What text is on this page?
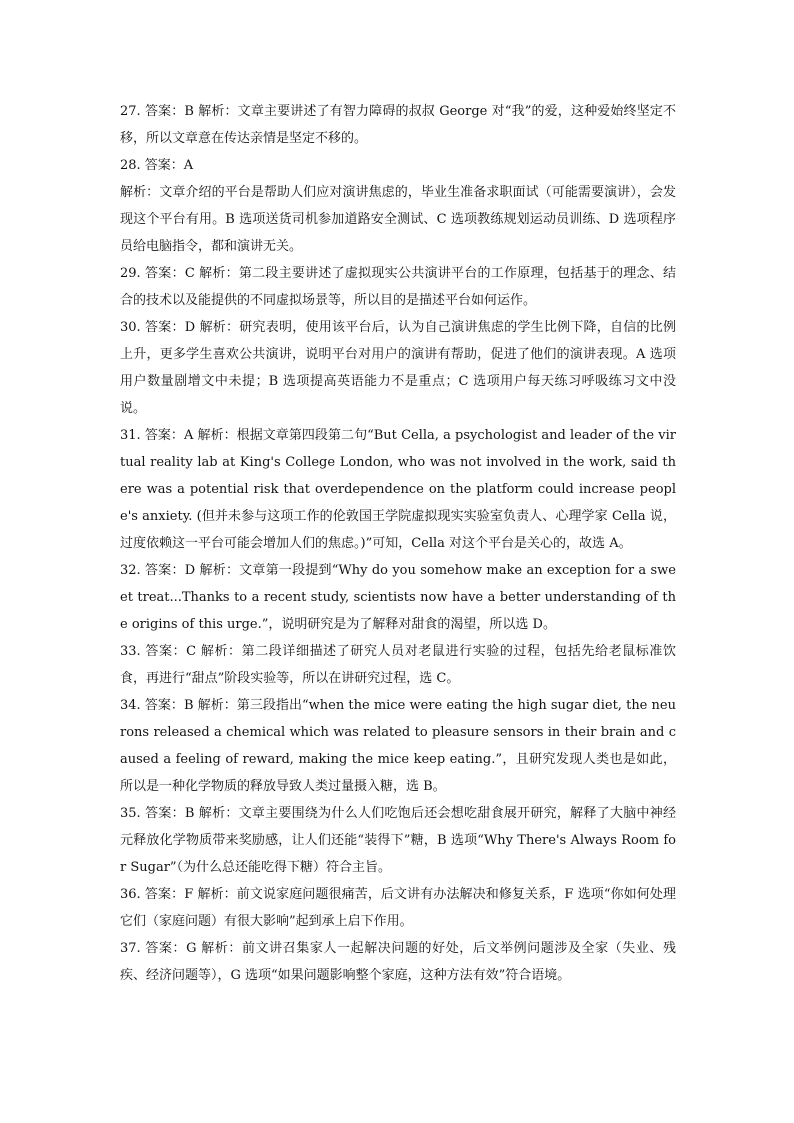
27. 答案：B 解析：文章主要讲述了有智力障碍的叔叔 George 对“我”的爱，这种爱始终坚定不移，所以文章意在传达亲情是坚定不移的。

28. 答案：A

解析：文章介绍的平台是帮助人们应对演讲焦虑的，毕业生准备求职面试（可能需要演讲），会发现这个平台有用。B 选项送货司机参加道路安全测试、C 选项教练规划运动员训练、D 选项程序员给电脑指令，都和演讲无关。

29. 答案：C 解析：第二段主要讲述了虚拟现实公共演讲平台的工作原理，包括基于的理念、结合的技术以及能提供的不同虚拟场景等，所以目的是描述平台如何运作。

30. 答案：D 解析：研究表明，使用该平台后，认为自己演讲焦虑的学生比例下降，自信的比例上升，更多学生喜欢公共演讲，说明平台对用户的演讲有帮助，促进了他们的演讲表现。A 选项用户数量剧增文中未提；B 选项提高英语能力不是重点；C 选项用户每天练习呼吸练习文中没说。

31. 答案：A 解析：根据文章第四段第二句“But Cella, a psychologist and leader of the virtual reality lab at King's College London, who was not involved in the work, said there was a potential risk that overdependence on the platform could increase people's anxiety. (但并未参与这项工作的伦敦国王学院虚拟现实实验室负责人、心理学家 Cella 说，过度依赖这一平台可能会增加人们的焦虑。)”可知，Cella 对这个平台是关心的，故选 A。

32. 答案：D 解析：文章第一段提到“Why do you somehow make an exception for a sweet treat...Thanks to a recent study, scientists now have a better understanding of the origins of this urge.”，说明研究是为了解释对甜食的渴望，所以选 D。

33. 答案：C 解析：第二段详细描述了研究人员对老鼠进行实验的过程，包括先给老鼠标准饮食，再进行“甜点”阶段实验等，所以在讲研究过程，选 C。

34. 答案：B 解析：第三段指出“when the mice were eating the high sugar diet, the neurons released a chemical which was related to pleasure sensors in their brain and caused a feeling of reward, making the mice keep eating.”，且研究发现人类也是如此，所以是一种化学物质的释放导致人类过量摄入糖，选 B。

35. 答案：B 解析：文章主要围绕为什么人们吃饱后还会想吃甜食展开研究，解释了大脑中神经元释放化学物质带来奖励感，让人们还能“装得下”糖，B 选项“Why There's Always Room for Sugar”（为什么总还能吃得下糖）符合主旨。

36. 答案：F 解析：前文说家庭问题很痛苦，后文讲有办法解决和修复关系，F 选项“你如何处理它们（家庭问题）有很大影响”起到承上启下作用。

37. 答案：G 解析：前文讲召集家人一起解决问题的好处，后文举例问题涉及全家（失业、残疾、经济问题等），G 选项“如果问题影响整个家庭，这种方法有效”符合语境。
